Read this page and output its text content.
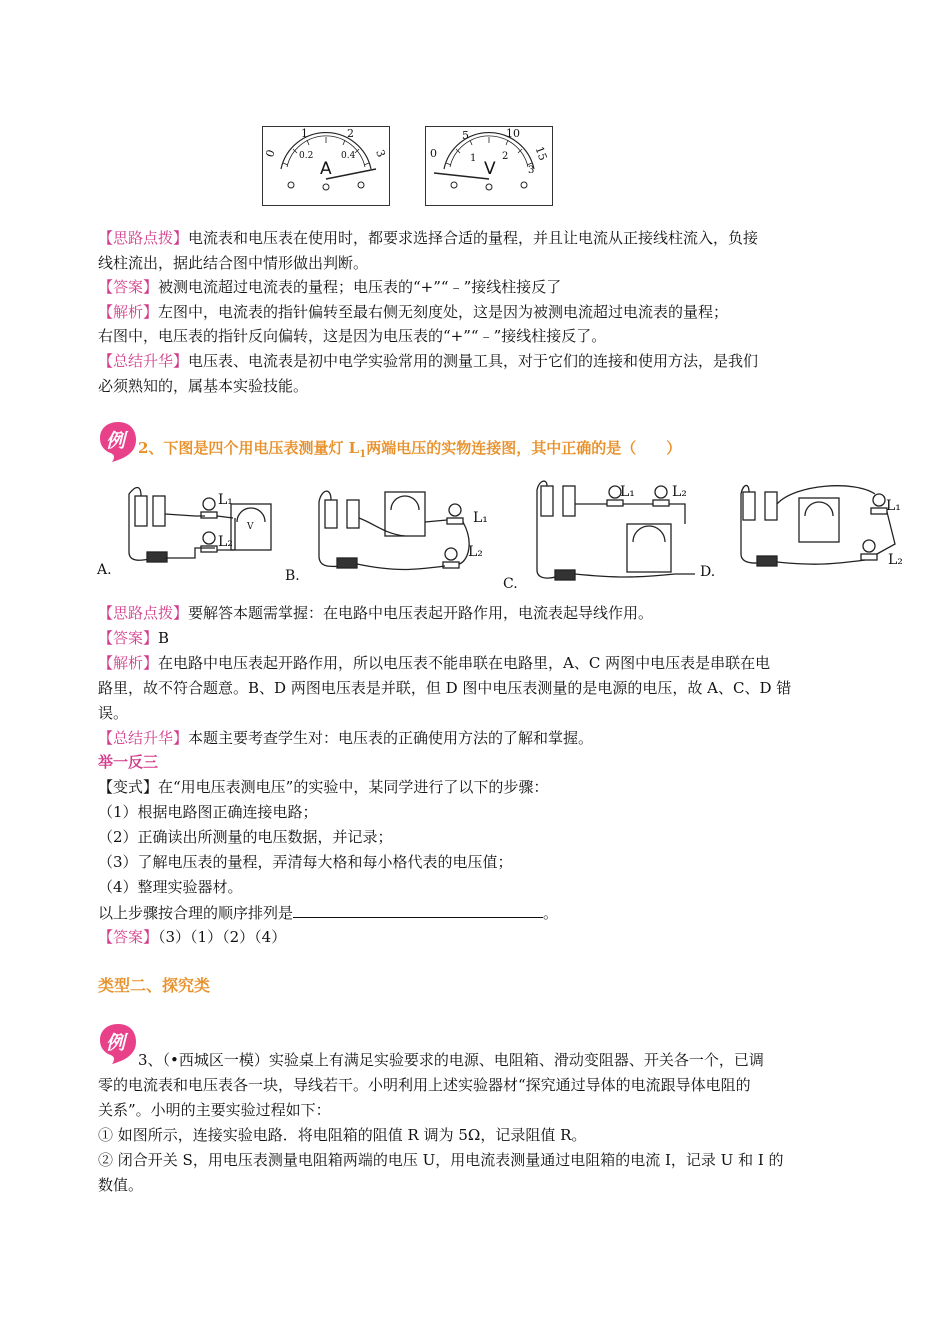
A
0
1	2
3
0.2	0.4
V
0
5	10
15
1	2
3
【思路点拨】电流表和电压表在使用时，都要求选择合适的量程，并且让电流从正接线柱流入，负接
线柱流出，据此结合图中情形做出判断。
【答案】被测电流超过电流表的量程；电压表的“+”“﹣”接线柱接反了
【解析】左图中，电流表的指针偏转至最右侧无刻度处，这是因为被测电流超过电流表的量程；
右图中，电压表的指针反向偏转，这是因为电压表的“+”“﹣”接线柱接反了。
【总结升华】电压表、电流表是初中电学实验常用的测量工具，对于它们的连接和使用方法，是我们
必须熟知的，属基本实验技能。
例 2、下图是四个用电压表测量灯 $L_1$两端电压的实物连接图，其中正确的是（　　）
L₁
L₂
V
L₁
L₂
L₁	L₂
L₁
L₂
A.	B.	C.
D.
【思路点拨】要解答本题需掌握：在电路中电压表起开路作用，电流表起导线作用。
【答案】B
【解析】在电路中电压表起开路作用，所以电压表不能串联在电路里，A、C 两图中电压表是串联在电
路里，故不符合题意。B、D 两图电压表是并联，但 D 图中电压表测量的是电源的电压，故 A、C、D 错
误。
【总结升华】本题主要考查学生对：电压表的正确使用方法的了解和掌握。
举一反三
【变式】在“用电压表测电压”的实验中，某同学进行了以下的步骤：
（1）根据电路图正确连接电路；
（2）正确读出所测量的电压数据，并记录；
（3）了解电压表的量程，弄清每大格和每小格代表的电压值；
（4）整理实验器材。
以上步骤按合理的顺序排列是	。
【答案】（3）（1）（2）（4）
类型二、探究类
例
3、（•西城区一模）实验桌上有满足实验要求的电源、电阻箱、滑动变阻器、开关各一个，已调
零的电流表和电压表各一块，导线若干。小明利用上述实验器材“探究通过导体的电流跟导体电阻的
关系”。小明的主要实验过程如下：
① 如图所示，连接实验电路．将电阻箱的阻值 R 调为 5Ω，记录阻值 R。
② 闭合开关 S，用电压表测量电阻箱两端的电压 U，用电流表测量通过电阻箱的电流 I，记录 U 和 I 的
数值。
